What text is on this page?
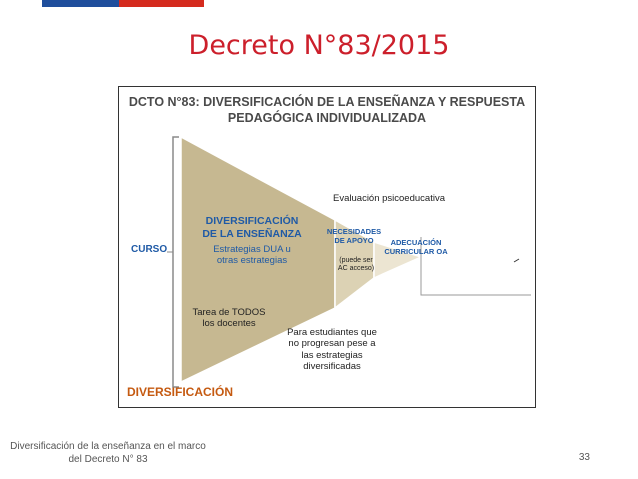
Decreto N°83/2015
DCTO N°83: DIVERSIFICACIÓN DE LA ENSEÑANZA Y RESPUESTA
PEDAGÓGICA INDIVIDUALIZADA
CURSO
DIVERSIFICACIÓN
DIVERSIFICACIÓN
DE LA ENSEÑANZA
Estrategias DUA u
otras estrategias
Tarea de TODOS
los docentes
Evaluación psicoeducativa
NECESIDADES
DE APOYO
(puede ser
AC acceso)
ADECUACIÓN
CURRICULAR OA
Para estudiantes que
no progresan pese a
las estrategias
diversificadas
Diversificación de la enseñanza en el marco
del Decreto N° 83	33
